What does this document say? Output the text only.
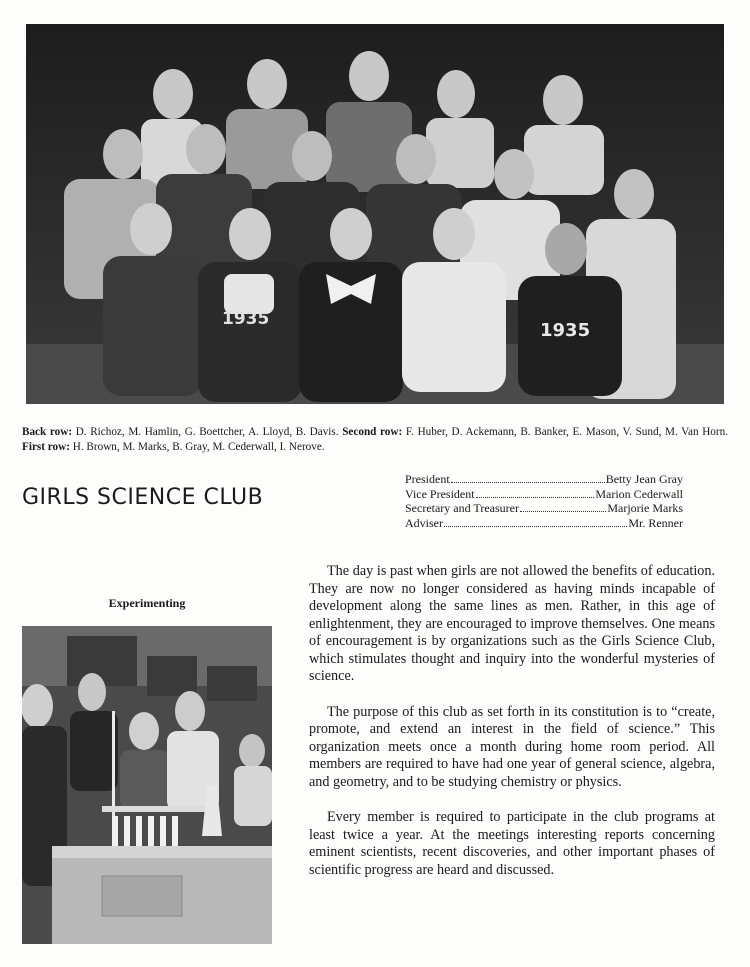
1935
1935
Back row: D. Richoz, M. Hamlin, G. Boettcher, A. Lloyd, B. Davis. Second row: F. Huber, D. Ackemann, B. Banker, E. Mason, V. Sund, M. Van Horn. First row: H. Brown, M. Marks, B. Gray, M. Cederwall, I. Nerove.
GIRLS SCIENCE CLUB
President	Betty Jean Gray
Vice President	Marion Cederwall
Secretary and Treasurer	Marjorie Marks
Adviser	Mr. Renner
Experimenting

The day is past when girls are not allowed the benefits of education. They are now no longer considered as having minds incapable of development along the same lines as men. Rather, in this age of enlightenment, they are encouraged to improve themselves. One means of encouragement is by organizations such as the Girls Science Club, which stimulates thought and inquiry into the wonderful mysteries of science.

The purpose of this club as set forth in its constitution is to “create, promote, and extend an interest in the field of science.” This organization meets once a month during home room period. All members are required to have had one year of general science, algebra, and geometry, and to be studying chemistry or physics.

Every member is required to participate in the club programs at least twice a year. At the meetings interesting reports concerning eminent scientists, recent discoveries, and other important phases of scientific progress are heard and discussed.
